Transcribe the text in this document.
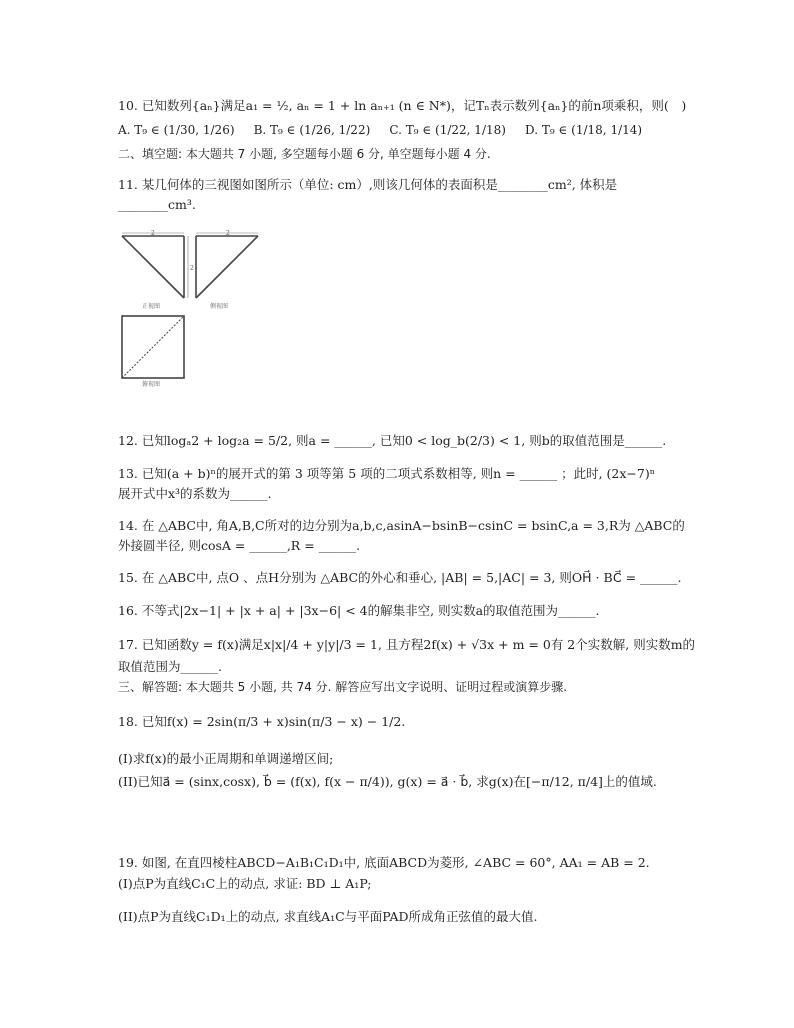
10. 已知数列{aₙ}满足a₁ = ½, aₙ = 1 + ln aₙ₊₁ (n ∈ N*)，记Tₙ表示数列{aₙ}的前n项乘积，则(　)
A. T₉ ∈ (1/30, 1/26) B. T₉ ∈ (1/26, 1/22) C. T₉ ∈ (1/22, 1/18) D. T₉ ∈ (1/18, 1/14)
二、填空题: 本大题共 7 小题, 多空题每小题 6 分, 单空题每小题 4 分.
11. 某几何体的三视图如图所示（单位: cm）,则该几何体的表面积是________cm², 体积是
________cm³.
2
2
2
正视图	侧视图
俯视图
12. 已知logₐ2 + log₂a = 5/2, 则a = ______, 已知0 < log_b(2/3) < 1, 则b的取值范围是______.
13. 已知(a + b)ⁿ的展开式的第 3 项等第 5 项的二项式系数相等, 则n = ______ ；此时, (2x−7)ⁿ
展开式中x³的系数为______.
14. 在 △ABC中, 角A,B,C所对的边分别为a,b,c,asinA−bsinB−csinC = bsinC,a = 3,R为 △ABC的
外接圆半径, 则cosA = ______,R = ______.
15. 在 △ABC中, 点O 、点H分别为 △ABC的外心和垂心, |AB| = 5,|AC| = 3, 则OH⃗ · BC⃗ = ______.
16. 不等式|2x−1| + |x + a| + |3x−6| < 4的解集非空, 则实数a的取值范围为______.
17. 已知函数y = f(x)满足x|x|/4 + y|y|/3 = 1, 且方程2f(x) + √3x + m = 0有 2个实数解, 则实数m的
取值范围为______.
三、解答题: 本大题共 5 小题, 共 74 分. 解答应写出文字说明、证明过程或演算步骤.
18. 已知f(x) = 2sin(π/3 + x)sin(π/3 − x) − 1/2.
(I)求f(x)的最小正周期和单调递增区间;
(II)已知a⃗ = (sinx,cosx), b⃗ = (f(x), f(x − π/4)), g(x) = a⃗ · b⃗, 求g(x)在[−π/12, π/4]上的值域.
19. 如图, 在直四棱柱ABCD−A₁B₁C₁D₁中, 底面ABCD为菱形, ∠ABC = 60°, AA₁ = AB = 2.
(I)点P为直线C₁C上的动点, 求证: BD ⊥ A₁P;
(II)点P为直线C₁D₁上的动点, 求直线A₁C与平面PAD所成角正弦值的最大值.
